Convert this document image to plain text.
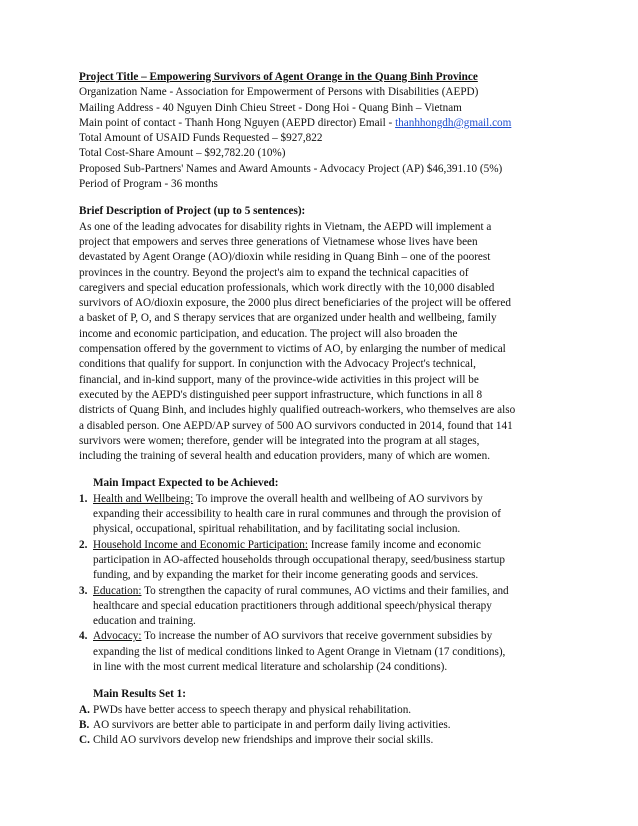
Project Title – Empowering Survivors of Agent Orange in the Quang Binh Province
Organization Name - Association for Empowerment of Persons with Disabilities (AEPD)
Mailing Address - 40 Nguyen Dinh Chieu Street - Dong Hoi - Quang Binh – Vietnam
Main point of contact - Thanh Hong Nguyen (AEPD director) Email - thanhhongdh@gmail.com
Total Amount of USAID Funds Requested – $927,822
Total Cost-Share Amount – $92,782.20 (10%)
Proposed Sub-Partners' Names and Award Amounts - Advocacy Project (AP) $46,391.10 (5%)
Period of Program - 36 months
Brief Description of Project (up to 5 sentences):
As one of the leading advocates for disability rights in Vietnam, the AEPD will implement a
project that empowers and serves three generations of Vietnamese whose lives have been
devastated by Agent Orange (AO)/dioxin while residing in Quang Binh – one of the poorest
provinces in the country. Beyond the project's aim to expand the technical capacities of
caregivers and special education professionals, which work directly with the 10,000 disabled
survivors of AO/dioxin exposure, the 2000 plus direct beneficiaries of the project will be offered
a basket of P, O, and S therapy services that are organized under health and wellbeing, family
income and economic participation, and education. The project will also broaden the
compensation offered by the government to victims of AO, by enlarging the number of medical
conditions that qualify for support. In conjunction with the Advocacy Project's technical,
financial, and in-kind support, many of the province-wide activities in this project will be
executed by the AEPD's distinguished peer support infrastructure, which functions in all 8
districts of Quang Binh, and includes highly qualified outreach-workers, who themselves are also
a disabled person. One AEPD/AP survey of 500 AO survivors conducted in 2014, found that 141
survivors were women; therefore, gender will be integrated into the program at all stages,
including the training of several health and education providers, many of which are women.
Main Impact Expected to be Achieved:
1. Health and Wellbeing: To improve the overall health and wellbeing of AO survivors by
expanding their accessibility to health care in rural communes and through the provision of
physical, occupational, spiritual rehabilitation, and by facilitating social inclusion.
2. Household Income and Economic Participation: Increase family income and economic
participation in AO-affected households through occupational therapy, seed/business startup
funding, and by expanding the market for their income generating goods and services.
3. Education: To strengthen the capacity of rural communes, AO victims and their families, and
healthcare and special education practitioners through additional speech/physical therapy
education and training.
4. Advocacy: To increase the number of AO survivors that receive government subsidies by
expanding the list of medical conditions linked to Agent Orange in Vietnam (17 conditions),
in line with the most current medical literature and scholarship (24 conditions).
Main Results Set 1:
A. PWDs have better access to speech therapy and physical rehabilitation.
B. AO survivors are better able to participate in and perform daily living activities.
C. Child AO survivors develop new friendships and improve their social skills.
